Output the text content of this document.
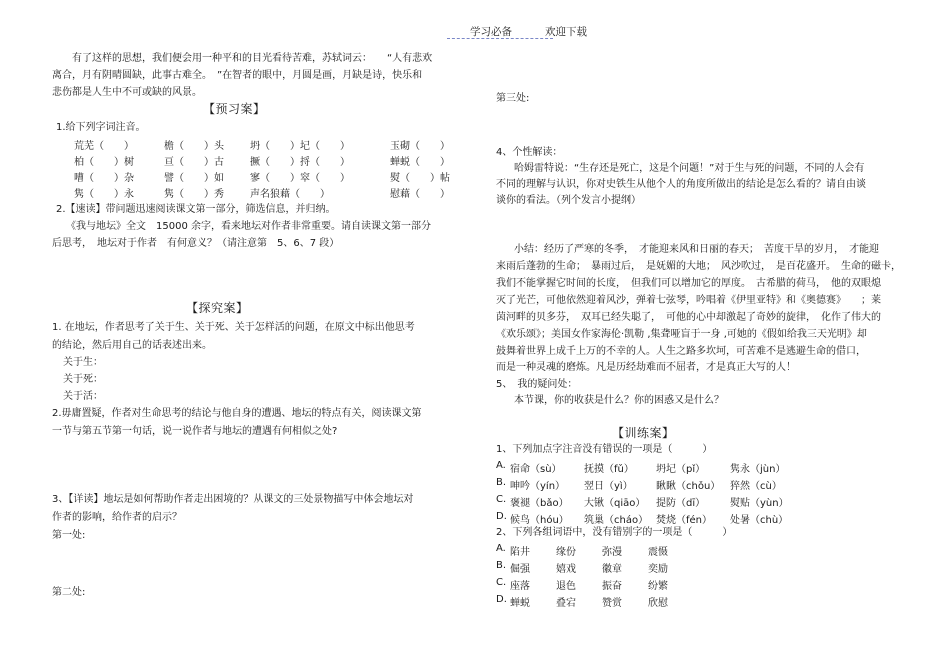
学习必备	欢迎下载
有了这样的思想，我们便会用一种平和的目光看待苦难，苏轼词云：　　“人有悲欢
离合，月有阴晴圆缺，此事古难全。　”在智者的眼中，月圆是画，月缺是诗，快乐和
悲伤都是人生中不可或缺的风景。
【预习案】
1.给下列字词注音。
荒芜（　　）	檐（　　）头	坍（　　）圮（　　）	玉砌（　　）
柏（　　）树	亘（　　）古	撅（　　）捋（　　）	蝉蜕（　　）
嘈（　　）杂	譬（　　）如	寥（　　）窣（　　）	熨（　　）帖
隽（　　）永	隽（　　）秀	声名狼藉（　　）	慰藉（　　）
2.【速读】带问题迅速阅读课文第一部分，筛选信息，并归纳。
《我与地坛》全文　15000 余字，看来地坛对作者非常重要。请自读课文第一部分
后思考，　地坛对于作者　有何意义？（请注意第　5、6、7 段）
【探究案】
1. 在地坛，作者思考了关于生、关于死、关于怎样活的问题，在原文中标出他思考
的结论，然后用自己的话表述出来。
关于生：
关于死：
关于活：
2.毋庸置疑，作者对生命思考的结论与他自身的遭遇、地坛的特点有关，阅读课文第
一节与第五节第一句话，说一说作者与地坛的遭遇有何相似之处?
3、【详读】地坛是如何帮助作者走出困境的？从课文的三处景物描写中体会地坛对
作者的影响，给作者的启示？
第一处:
第二处:
第三处:
4、个性解读：
哈姆雷特说：“生存还是死亡，这是个问题！”对于生与死的问题，不同的人会有
不同的理解与认识，你对史铁生从他个人的角度所做出的结论是怎么看的？请自由谈
谈你的看法。（列个发言小提纲）
小结：经历了严寒的冬季，　才能迎来风和日丽的春天；　苦度干旱的岁月，　才能迎
来雨后蓬勃的生命；　暴雨过后，　是妩媚的大地；　风沙吹过，　是百花盛开。　生命的磁卡，
我们不能掌握它时间的长度，　但我们可以增加它的厚度。　古希腊的荷马，　他的双眼熄
灭了光芒，可他依然迎着风沙，弹着七弦琴，吟唱着《伊里亚特》和《奥德赛》　　；莱
茵河畔的贝多芬，　双耳已经失聪了，　可他的心中却激起了奇妙的旋律，　化作了伟大的
《欢乐颂》；美国女作家海伦·凯勒 ,集聋哑盲于一身 ,可她的《假如给我三天光明》却
鼓舞着世界上成千上万的不幸的人。人生之路多坎坷，可苦难不是逃避生命的借口，
而是一种灵魂的磨炼。凡是历经劫难而不屈者，才是真正大写的人！
5、　我的疑问处：
本节课，你的收获是什么？你的困惑又是什么？
【训练案】
1、下列加点字注音没有错误的一项是（　　　）
A. 宿命（sù） 抚摸（fǔ） 坍圮（pǐ） 隽永（jùn）
B. 呻吟（yín） 翌日（yì） 瞅瞅（chǒu） 猝然（cù）
C. 褒褪（bǎo） 大锹（qiāo） 提防（dī） 熨贴（yùn）
D. 候鸟（hóu） 筑巢（cháo） 焚烧（fén） 处暑（chù）
2、下列各组词语中，没有错别字的一项是（　　　）
A. 陷井	缘份	弥漫	震慑
B. 倔强	嬉戏	徽章	奕励
C. 座落	退色	振奋	纷繁
D. 蝉蜕	叠宕	赞赏	欣慰
